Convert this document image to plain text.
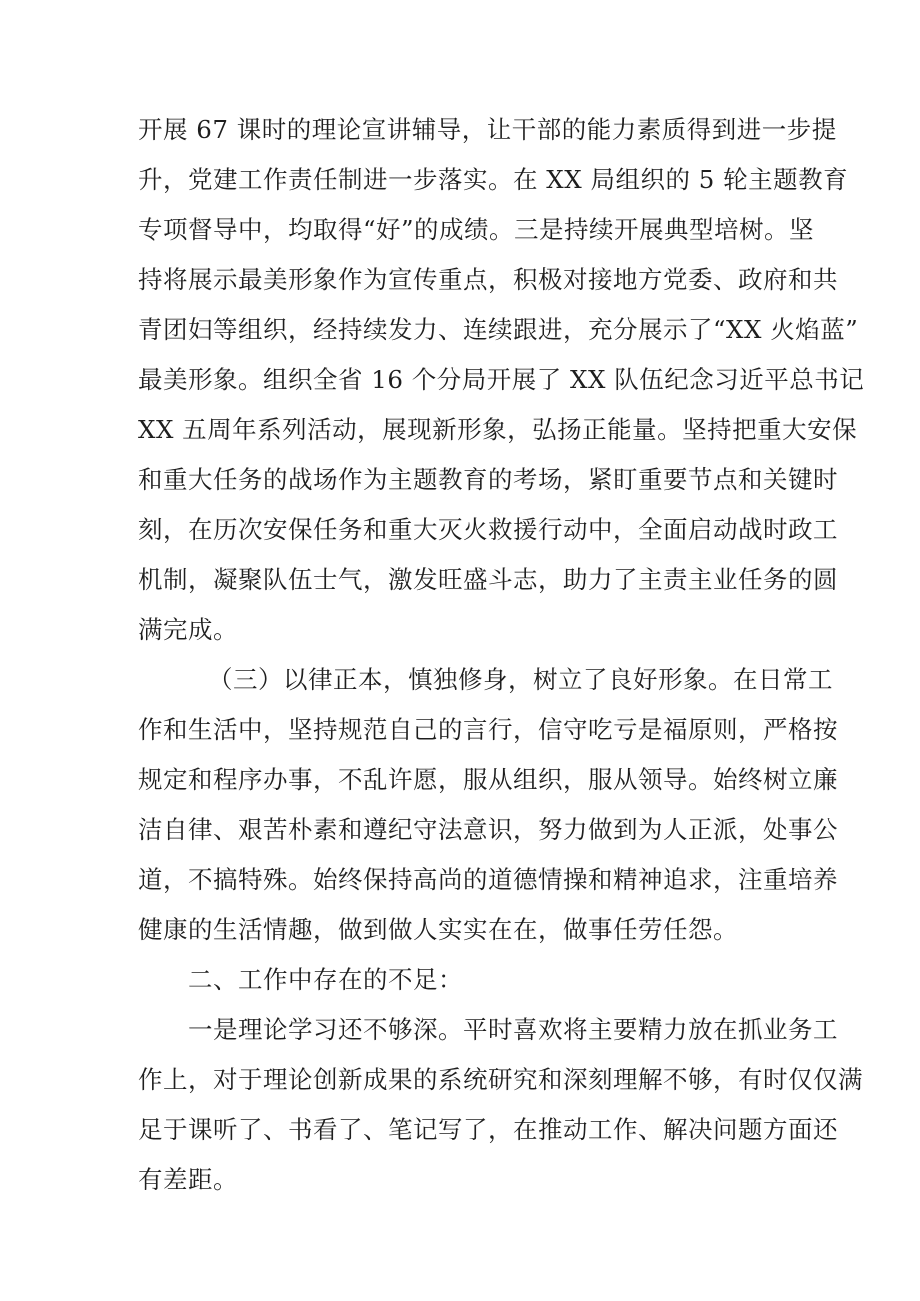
开展 67 课时的理论宣讲辅导，让干部的能力素质得到进一步提
升，党建工作责任制进一步落实。在 XX 局组织的 5 轮主题教育
专项督导中，均取得“好”的成绩。三是持续开展典型培树。坚
持将展示最美形象作为宣传重点，积极对接地方党委、政府和共
青团妇等组织，经持续发力、连续跟进，充分展示了“XX 火焰蓝”
最美形象。组织全省 16 个分局开展了 XX 队伍纪念习近平总书记
XX 五周年系列活动，展现新形象，弘扬正能量。坚持把重大安保
和重大任务的战场作为主题教育的考场，紧盯重要节点和关键时
刻，在历次安保任务和重大灭火救援行动中，全面启动战时政工
机制，凝聚队伍士气，激发旺盛斗志，助力了主责主业任务的圆
满完成。
（三）以律正本，慎独修身，树立了良好形象。在日常工
作和生活中，坚持规范自己的言行，信守吃亏是福原则，严格按
规定和程序办事，不乱许愿，服从组织，服从领导。始终树立廉
洁自律、艰苦朴素和遵纪守法意识，努力做到为人正派，处事公
道，不搞特殊。始终保持高尚的道德情操和精神追求，注重培养
健康的生活情趣，做到做人实实在在，做事任劳任怨。
二、工作中存在的不足：
一是理论学习还不够深。平时喜欢将主要精力放在抓业务工
作上，对于理论创新成果的系统研究和深刻理解不够，有时仅仅满
足于课听了、书看了、笔记写了，在推动工作、解决问题方面还
有差距。
